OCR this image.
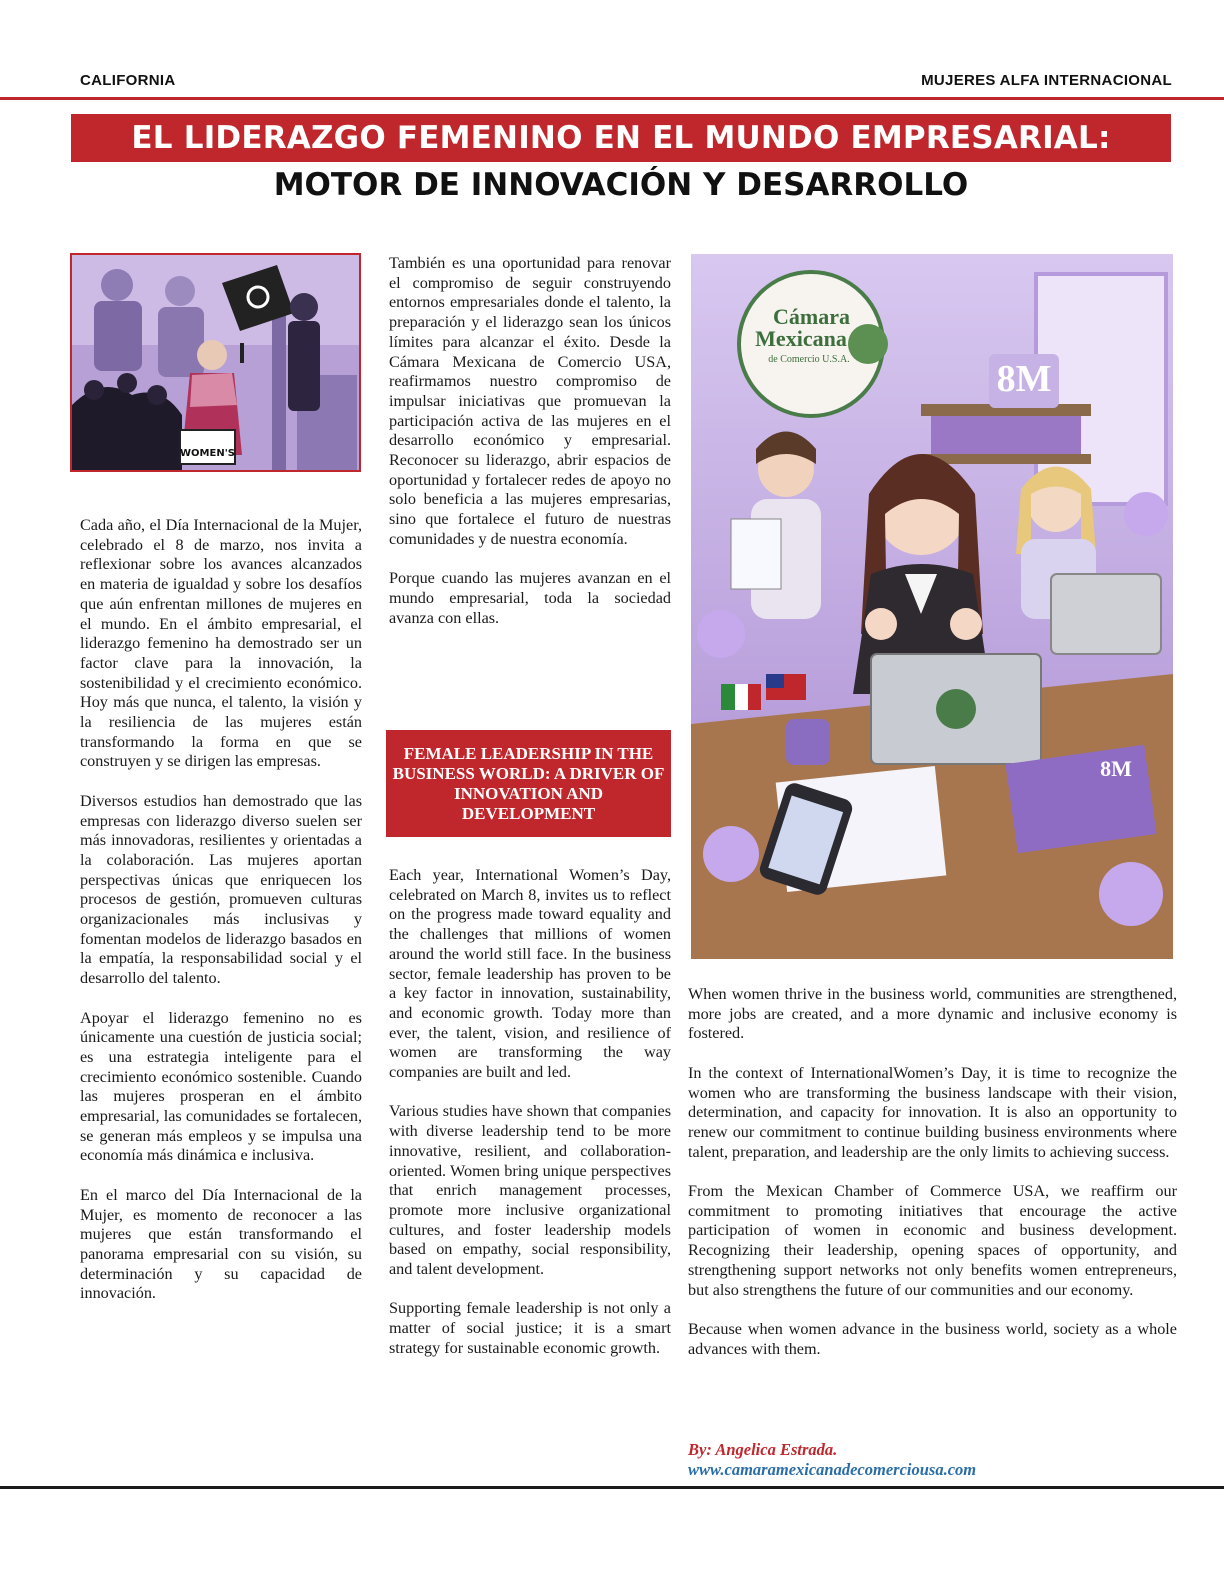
CALIFORNIA	MUJERES ALFA INTERNACIONAL
EL LIDERAZGO FEMENINO EN EL MUNDO EMPRESARIAL:
MOTOR DE INNOVACIÓN Y DESARROLLO
WOMEN'S

Cada año, el Día Internacional de la Mujer, celebrado el 8 de marzo, nos invita a reflexionar sobre los avances alcanzados en materia de igualdad y sobre los desafíos que aún enfrentan millones de mujeres en el mundo. En el ámbito empresarial, el liderazgo femenino ha demostrado ser un factor clave para la innovación, la sostenibilidad y el crecimiento económico. Hoy más que nunca, el talento, la visión y la resiliencia de las mujeres están transformando la forma en que se construyen y se dirigen las empresas.

Diversos estudios han demostrado que las empresas con liderazgo diverso suelen ser más innovadoras, resilientes y orientadas a la colaboración. Las mujeres aportan perspectivas únicas que enriquecen los procesos de gestión, promueven culturas organizacionales más inclusivas y fomentan modelos de liderazgo basados en la empatía, la responsabilidad social y el desarrollo del talento.

Apoyar el liderazgo femenino no es únicamente una cuestión de justicia social; es una estrategia inteligente para el crecimiento económico sostenible. Cuando las mujeres prosperan en el ámbito empresarial, las comunidades se fortalecen, se generan más empleos y se impulsa una economía más dinámica e inclusiva.

En el marco del Día Internacional de la Mujer, es momento de reconocer a las mujeres que están transformando el panorama empresarial con su visión, su determinación y su capacidad de innovación.

También es una oportunidad para renovar el compromiso de seguir construyendo entornos empresariales donde el talento, la preparación y el liderazgo sean los únicos límites para alcanzar el éxito. Desde la Cámara Mexicana de Comercio USA, reafirmamos nuestro compromiso de impulsar iniciativas que promuevan la participación activa de las mujeres en el desarrollo económico y empresarial. Reconocer su liderazgo, abrir espacios de oportunidad y fortalecer redes de apoyo no solo beneficia a las mujeres empresarias, sino que fortalece el futuro de nuestras comunidades y de nuestra economía.

Porque cuando las mujeres avanzan en el mundo empresarial, toda la sociedad avanza con ellas.

FEMALE LEADERSHIP IN THE BUSINESS WORLD: A DRIVER OF INNOVATION AND DEVELOPMENT

Each year, International Women’s Day, celebrated on March 8, invites us to reflect on the progress made toward equality and the challenges that millions of women around the world still face. In the business sector, female leadership has proven to be a key factor in innovation, sustainability, and economic growth. Today more than ever, the talent, vision, and resilience of women are transforming the way companies are built and led.

Various studies have shown that companies with diverse leadership tend to be more innovative, resilient, and collaboration-oriented. Women bring unique perspectives that enrich management processes, promote more inclusive organizational cultures, and foster leadership models based on empathy, social responsibility, and talent development.

Supporting female leadership is not only a matter of social justice; it is a smart strategy for sustainable economic growth.

Cámara
Mexicana
de Comercio U.S.A.	8M
8M

When women thrive in the business world, communities are strengthened, more jobs are created, and a more dynamic and inclusive economy is fostered.

In the context of InternationalWomen’s Day, it is time to recognize the women who are transforming the business landscape with their vision, determination, and capacity for innovation. It is also an opportunity to renew our commitment to continue building business environments where talent, preparation, and leadership are the only limits to achieving success.

From the Mexican Chamber of Commerce USA, we reaffirm our commitment to promoting initiatives that encourage the active participation of women in economic and business development. Recognizing their leadership, opening spaces of opportunity, and strengthening support networks not only benefits women entrepreneurs, but also strengthens the future of our communities and our economy.

Because when women advance in the business world, society as a whole advances with them.

By: Angelica Estrada.
www.camaramexicanadecomerciousa.com
